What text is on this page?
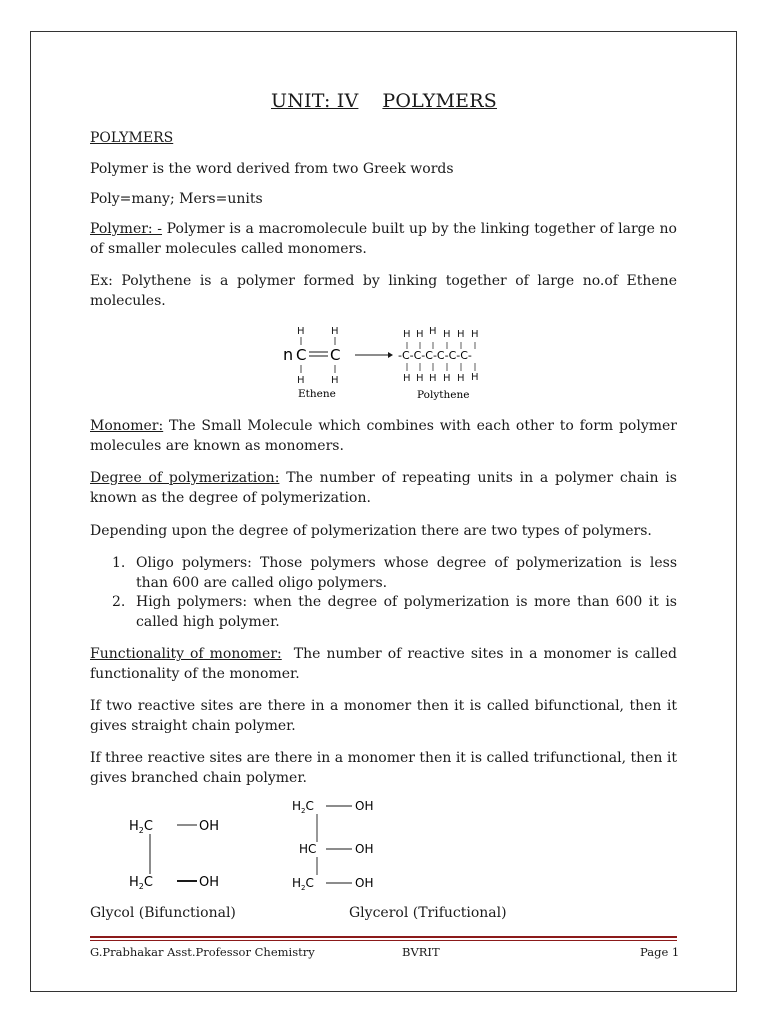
UNIT: IV POLYMERS

POLYMERS

Polymer is the word derived from two Greek words

Poly=many; Mers=units

Polymer: - Polymer is a macromolecule built up by the linking together of large no of smaller molecules called monomers.

Ex: Polythene is a polymer formed by linking together of large no.of Ethene molecules.

H	H
n C C
H	H
Ethene
H H H H H H
-C-C-C-C-C-C-
H H H H H H
Polythene

Monomer: The Small Molecule which combines with each other to form polymer molecules are known as monomers.

Degree of polymerization: The number of repeating units in a polymer chain is known as the degree of polymerization.

Depending upon the degree of polymerization there are two types of polymers.

1. Oligo polymers: Those polymers whose degree of polymerization is less than 600 are called oligo polymers.
2. High polymers: when the degree of polymerization is more than 600 it is called high polymer.

Functionality of monomer:  The number of reactive sites in a monomer is called functionality of the monomer.

If two reactive sites are there in a monomer then it is called bifunctional, then it gives straight chain polymer.

If three reactive sites are there in a monomer then it is called trifunctional, then it gives branched chain polymer.

$H_2C$	OH
$H_2C$	OH
$H_2C$	OH
HC	OH
$H_2C$	OH
Glycol (Bifunctional)	Glycerol (Trifuctional)
G.Prabhakar Asst.Professor Chemistry	BVRIT	Page 1
